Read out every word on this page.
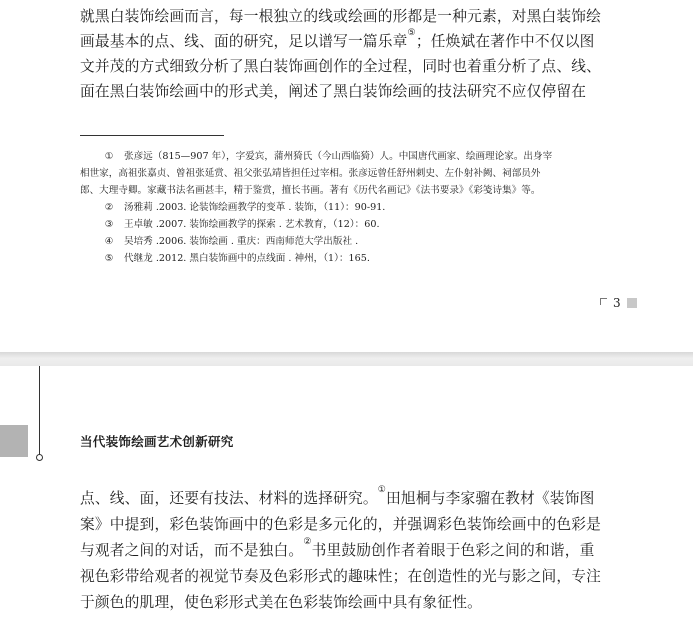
就黑白装饰绘画而言，每一根独立的线或绘画的形都是一种元素，对黑白装饰绘
画最基本的点、线、面的研究，足以谱写一篇乐章⑤；任焕斌在著作中不仅以图
文并茂的方式细致分析了黑白装饰画创作的全过程，同时也着重分析了点、线、
面在黑白装饰绘画中的形式美，阐述了黑白装饰绘画的技法研究不应仅停留在
① 张彦远（815—907 年），字爱宾，蒲州猗氏（今山西临猗）人。中国唐代画家、绘画理论家。出身宰
相世家，高祖张嘉贞、曾祖张延赏、祖父张弘靖皆担任过宰相。张彦远曾任舒州刺史、左仆射补阙、祠部员外
郎、大理寺卿。家藏书法名画甚丰，精于鉴赏，擅长书画。著有《历代名画记》《法书要录》《彩笺诗集》等。
② 汤雅莉 .2003. 论装饰绘画教学的变革 . 装饰，（11）：90-91.
③ 王卓敏 .2007. 装饰绘画教学的探索 . 艺术教育，（12）：60.
④ 吴培秀 .2006. 装饰绘画 . 重庆：西南师范大学出版社 .
⑤ 代继龙 .2012. 黑白装饰画中的点线面 . 神州，（1）：165.
3
当代装饰绘画艺术创新研究
点、线、面，还要有技法、材料的选择研究。①田旭桐与李家骝在教材《装饰图
案》中提到，彩色装饰画中的色彩是多元化的，并强调彩色装饰绘画中的色彩是
与观者之间的对话，而不是独白。②书里鼓励创作者着眼于色彩之间的和谐，重
视色彩带给观者的视觉节奏及色彩形式的趣味性；在创造性的光与影之间，专注
于颜色的肌理，使色彩形式美在色彩装饰绘画中具有象征性。
